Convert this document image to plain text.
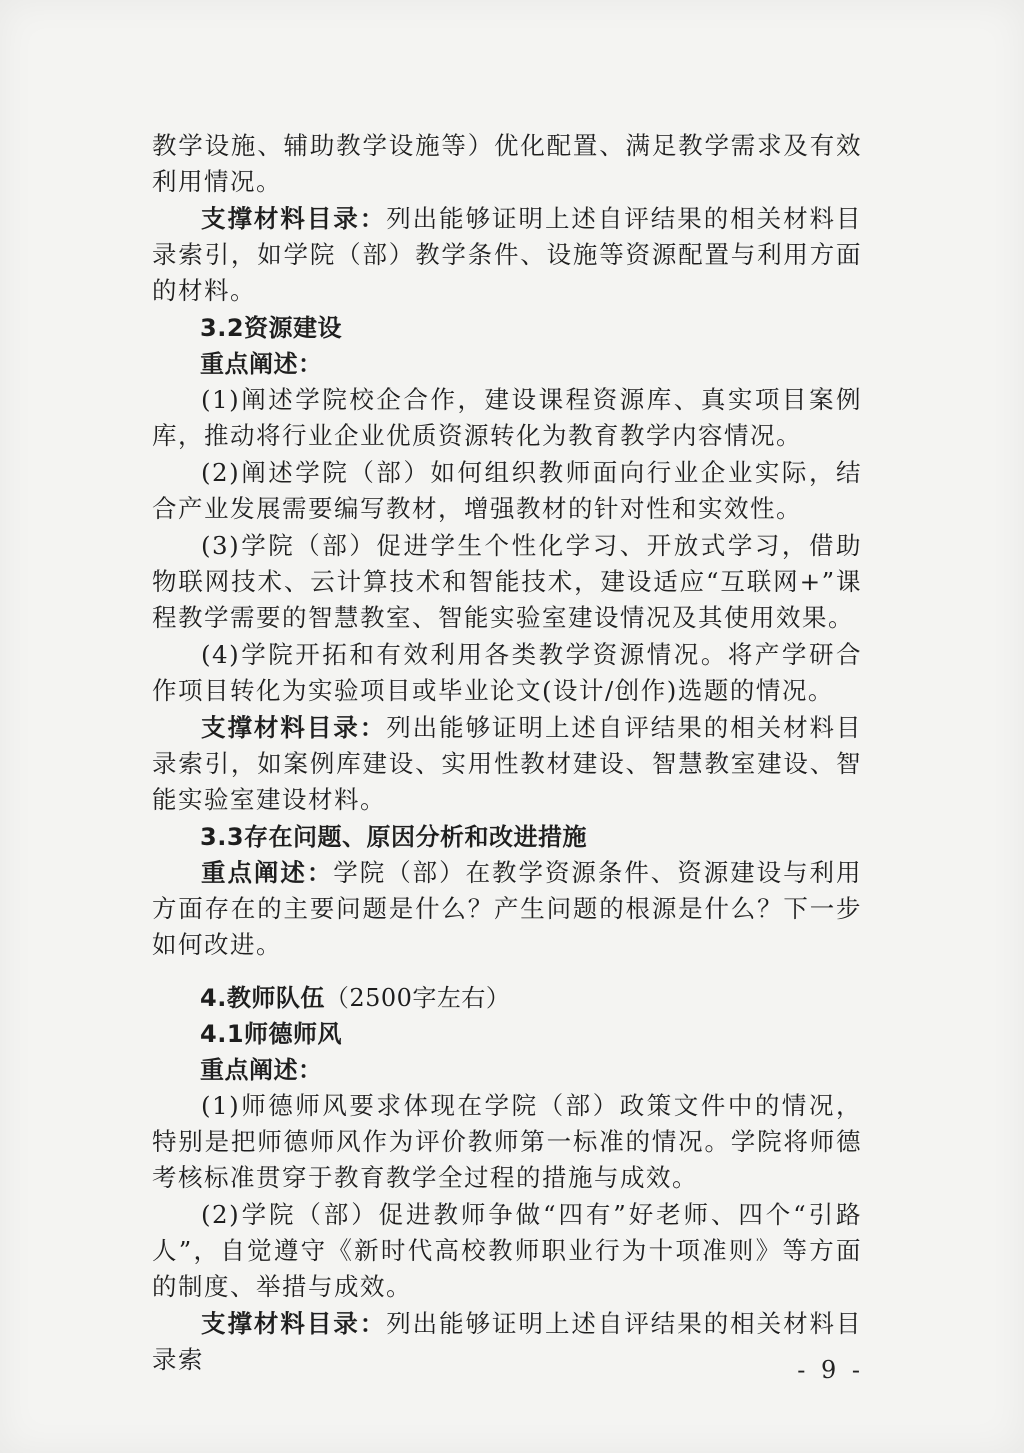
教学设施、辅助教学设施等）优化配置、满足教学需求及有效利用情况。

支撑材料目录：列出能够证明上述自评结果的相关材料目录索引，如学院（部）教学条件、设施等资源配置与利用方面的材料。

3.2资源建设

重点阐述：

(1)阐述学院校企合作，建设课程资源库、真实项目案例库，推动将行业企业优质资源转化为教育教学内容情况。

(2)阐述学院（部）如何组织教师面向行业企业实际，结合产业发展需要编写教材，增强教材的针对性和实效性。

(3)学院（部）促进学生个性化学习、开放式学习，借助物联网技术、云计算技术和智能技术，建设适应“互联网+”课程教学需要的智慧教室、智能实验室建设情况及其使用效果。

(4)学院开拓和有效利用各类教学资源情况。将产学研合作项目转化为实验项目或毕业论文(设计/创作)选题的情况。

支撑材料目录：列出能够证明上述自评结果的相关材料目录索引，如案例库建设、实用性教材建设、智慧教室建设、智能实验室建设材料。

3.3存在问题、原因分析和改进措施

重点阐述：学院（部）在教学资源条件、资源建设与利用方面存在的主要问题是什么？产生问题的根源是什么？下一步如何改进。

4.教师队伍（2500字左右）

4.1师德师风

重点阐述：

(1)师德师风要求体现在学院（部）政策文件中的情况，特别是把师德师风作为评价教师第一标准的情况。学院将师德考核标准贯穿于教育教学全过程的措施与成效。

(2)学院（部）促进教师争做“四有”好老师、四个“引路人”，自觉遵守《新时代高校教师职业行为十项准则》等方面的制度、举措与成效。

支撑材料目录：列出能够证明上述自评结果的相关材料目录索	- 9 -
